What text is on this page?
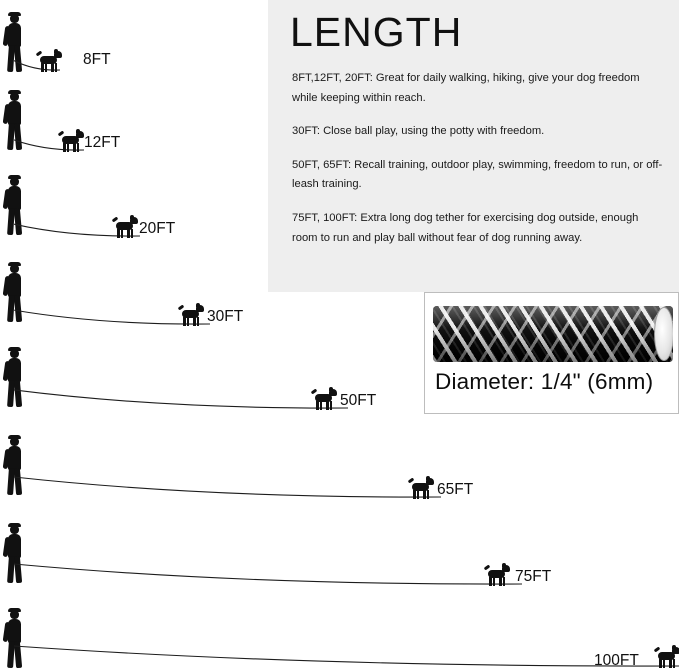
LENGTH
8FT,12FT, 20FT: Great for daily walking, hiking, give your dog freedom while keeping within reach.
30FT: Close ball play, using the potty with freedom.
50FT, 65FT: Recall training, outdoor play, swimming, freedom to run, or off-leash training.
75FT, 100FT: Extra long dog tether for exercising dog outside, enough room to run and play ball without fear of dog running away.
Diameter: 1/4" (6mm)
8FT
12FT
20FT
30FT
50FT
65FT
75FT
100FT
